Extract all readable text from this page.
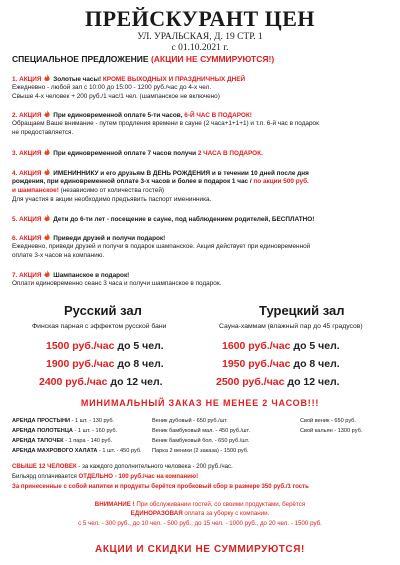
ПРЕЙСКУРАНТ ЦЕН
УЛ. УРАЛЬСКАЯ, Д. 19 СТР. 1
с 01.10.2021 г.
СПЕЦИАЛЬНОЕ ПРЕДЛОЖЕНИЕ (АКЦИИ НЕ СУММИРУЮТСЯ!)
1. АКЦИЯ Золотые часы! КРОМЕ ВЫХОДНЫХ И ПРАЗДНИЧНЫХ ДНЕЙ
Ежедневно - любой зал с 10:00 до 15:00 - 1200 руб./час до 4-х чел.
Свыше 4-х человек + 200 руб./1 час/1 чел. (шампанское не включено)
2. АКЦИЯ При единовременной оплате 5-ти часов, 6-Й ЧАС В ПОДАРОК!
Обращаем Ваше внимание - путем продления времени в сауне (2 часа+1+1+1) и т.п. 6-й час в подарок
не предоставляется.
3. АКЦИЯ При единовременной оплате 7 часов получи 2 ЧАСА В ПОДАРОК.
4. АКЦИЯ ИМЕНИННИКУ и его друзьям В ДЕНЬ РОЖДЕНИЯ и в течении 10 дней после дня
рождения, при единовременной оплате 3-х часов и более в подарок 1 час / по акции 500 руб.
и шампанское! (независимо от количества гостей)
Для участия в акции необходимо предъявить паспорт именинника.
5. АКЦИЯ Дети до 6-ти лет - посещение в сауне, под наблюдением родителей, БЕСПЛАТНО!
6. АКЦИЯ Приведи друзей и получи подарок!
Ежедневно, приведи друзей и получи в подарок шампанское. Акция действует при единовременной
оплате 3-х часов на компанию.
7. АКЦИЯ Шампанское в подарок!
Оплати единовременно сеанс 3 часа и получи шампанское в подарок.
Русский зал	Турецкий зал
Финская парная с эффектом русской бани	Сауна-хаммам (влажный пар до 45 градусов)
1500 руб./час до 5 чел.
1900 руб./час до 8 чел.
2400 руб./час до 12 чел.
1600 руб./час до 5 чел.
1950 руб./час до 8 чел.
2500 руб./час до 12 чел.
МИНИМАЛЬНЫЙ ЗАКАЗ НЕ МЕНЕЕ 2 ЧАСОВ!!!
АРЕНДА ПРОСТЫНИ - 1 шт. - 130 руб.
АРЕНДА ПОЛОТЕНЦА - 1 шт. - 160 руб.
АРЕНДА ТАПОЧЕК - 1 пара - 140 руб.
АРЕНДА МАХРОВОГО ХАЛАТА - 1 шт. - 450 руб.
Веник дубовый - 650 руб./шт.
Веник бамбуковый мал. - 450 руб./шт.
Веник бамбуковый бол. - 650 руб./шт.
Парка 2 веники (2 заказа) - 1500 руб.
Свой веник - 650 руб.
Свой кальян - 1300 руб.
СВЫШЕ 12 ЧЕЛОВЕК - за каждого дополнительного человека - 200 руб./час.
Бильярд оплачивается ОТДЕЛЬНО - 100 руб./час на компанию!
За принесенные с собой напитки и продукты берётся пробковый сбор в размере 350 руб./1 гость
ВНИМАНИЕ ! При обслуживании гостей, со своими продуктами, берётся
ЕДИНОРАЗОВАЯ оплата за уборку с компании.
с 5 чел. - 300 руб., до 10 чел. - 500 руб., до 15 чел. - 1000 руб., до 20 чел. - 1500 руб.
АКЦИИ И СКИДКИ НЕ СУММИРУЮТСЯ!
